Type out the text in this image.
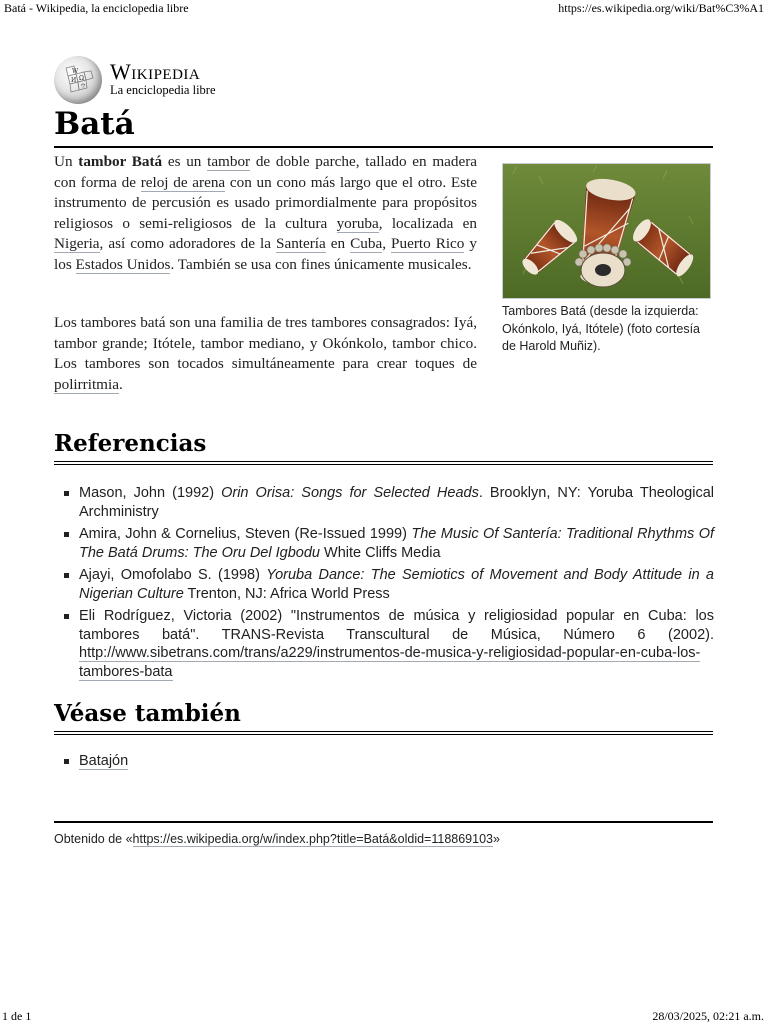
Batá - Wikipedia, la enciclopedia libre	https://es.wikipedia.org/wiki/Bat%C3%A1
W
Ω
И
ウ
Wikipedia
La enciclopedia libre
Batá

Un tambor Batá es un tambor de doble parche, tallado en madera con forma de reloj de arena con un cono más largo que el otro. Este instrumento de percusión es usado primordialmente para propósitos religiosos o semi-religiosos de la cultura yoruba, localizada en Nigeria, así como adoradores de la Santería en Cuba, Puerto Rico y los Estados Unidos. También se usa con fines únicamente musicales.

Los tambores batá son una familia de tres tambores consagrados: Iyá, tambor grande; Itótele, tambor mediano, y Okónkolo, tambor chico. Los tambores son tocados simultáneamente para crear toques de polirritmia.

Tambores Batá (desde la izquierda: Okónkolo, Iyá, Itótele) (foto cortesía de Harold Muñiz).
Referencias
Mason, John (1992) Orin Orisa: Songs for Selected Heads. Brooklyn, NY: Yoruba Theological Archministry
Amira, John & Cornelius, Steven (Re-Issued 1999) The Music Of Santería: Traditional Rhythms Of The Batá Drums: The Oru Del Igbodu White Cliffs Media
Ajayi, Omofolabo S. (1998) Yoruba Dance: The Semiotics of Movement and Body Attitude in a Nigerian Culture Trenton, NJ: Africa World Press
Eli Rodríguez, Victoria (2002) "Instrumentos de música y religiosidad popular en Cuba: los tambores batá". TRANS-Revista Transcultural de Música, Número 6 (2002). http://www.sibetrans.com/trans/a229/instrumentos-de-musica-y-religiosidad-popular-en-cuba-los-tambores-bata
Véase también
Batajón
Obtenido de «https://es.wikipedia.org/w/index.php?title=Batá&oldid=118869103»
1 de 1	28/03/2025, 02:21 a.m.
